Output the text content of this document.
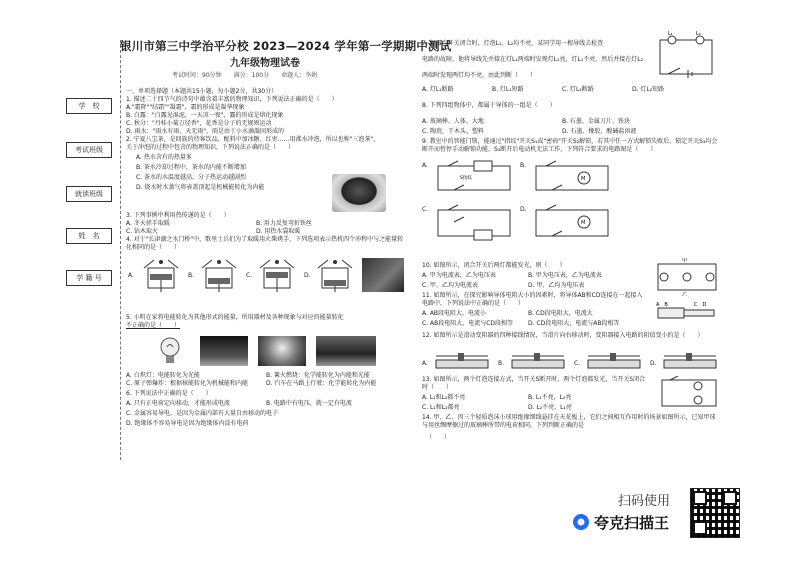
学　校
考试班级
就读班级
姓　名
学 籍 号
银川市第三中学治平分校 2023—2024 学年第一学期期中测试
九年级物理试卷
考试时间：90分钟　　满分：100分　　命题人：李娟
一、单项选择题（本题共15小题，每小题2分，共30分）
1. 描述二十四节气的诗句中蕴含着丰富的物理知识，下列说法正确的是（　　）
A."霜降""结霜""凝霜"，霜的形成是凝华现象
B. 白露："白露见湿泥，一天凉一夜"，露的形成是熔化现象
C. 秋分："丹桂小菊万径香"，花香是分子的无规则运动
D. 雨水："雨水有雨，天无雨"，雨是由于小水滴凝固形成的
2. 宁夏八宝茶，是回族的待客饮品，配料中加冰糖、红枣……用沸水冲泡，所以也称"三泡茶"，
关于冲泡的过程中包含的物理知识，下列说法正确的是（　　）
A. 热水含有的热量多
B. 茶水冷却过程中，茶水的内能不断增加
C. 茶水的水温度越高，分子热运动越剧烈
D. 烧水时水蒸气将壶盖顶起是机械能转化为内能
3. 下列事例中利用热传递的是（　　）
A. 冬天搓手取暖	B. 用力反复弯折铁丝
C. 钻木取火	D. 用热水袋取暖
4. 对于"长津湖之水门桥"中，歌里士兵们为了取暖用火柴烤手，下列选项表示热机四个冲程中与之能量转化相同的是（　　）
A.	B.	C.	D.
5. 小明在家将电能转化为其他形式的能量，所用器材及各种现象与对应的能量转化
不正确的是（　　）
A. 白炽灯：电能转化为光能	B. 篝火燃烧：化学能转化为内能和光能
C. 原子弹爆炸：根据核能转化为机械能和内能	D. 汽车在马路上行驶：化学能转化为内能
6. 下列说法中正确的是（　　）
A. 只有正电荷定向移动，才能形成电流	B. 电路中有电压，就一定有电流
C. 金属容易导电，是因为金属内部有大量自由移动的电子
D. 绝缘体不容易导电是因为绝缘体内没有电荷
7. 如图当开关闭合时，灯泡L₁、L₂均不亮，某同学用一根导线去检查
电路的故障，他将导线先并接在灯L₁两端时发现灯L₂亮，灯L₁不亮，然后并接在灯L₂
两端时发现两灯均不亮，由此判断（　　）
A. 灯L₁断路	B. 灯L₁短路	C. 灯L₂断路	D. 灯L₂短路
L₁	L₂
8. 下列四组物体中，都属于导体的一组是（　　）
A. 玻璃棒、人体、大地	B. 石墨、金属刀片、铁块
C. 陶瓷、干木头、塑料	D. 石墨、橡胶、酸碱盐溶液
9. 教室中的智能门锁，能通过"指纹"开关S₁或"密码"开关S₂解锁，若其中任一方式解锁失败后，锁定开关S₃均会断开而暂停手动解锁功能，S₃断开后电动机无法工作，下列符合要求的电路图是（　　）
A.
S指纹
B.
M
C.	D.
M
10. 如图所示，闭合开关后两灯都能发光，则（　　）
A. 甲为电流表，乙为电压表	B. 甲为电压表，乙为电流表
C. 甲、乙均为电流表	D. 甲、乙均为电压表
甲
乙
11. 如图所示，在探究影响导体电阻大小的因素时，将导体AB和CD连接在一起接入电路中，下列说法中正确的是（　　）
A. AB段电阻大，电流小	B. CD段电阻大，电流大
C. AB段电阻大，电流与CD段相等 D. CD段电阻大，电流与AB段相等
A　B	C　D
12. 如图所示是滑动变阻器的四种接线情况，当滑片向右移动时，变阻器接入电路的阻值变小的是（　　）
A.	B.	C.	D.
13. 如图所示，两个灯泡连接方式，当开关S断开时，两个灯泡都发光，当开关S闭合时（　　）
A. L₁和L₂都不亮	B. L₁不亮，L₂亮
C. L₁和L₂都亮	D. L₂不亮，L₁亮
14. 甲、乙、丙三个轻质泡沫小球用绝缘细线悬挂在天花板上，它们之间相互作用时的场景如图所示，已知甲球与用丝绸摩擦过的玻璃棒所带的电荷相同。下列判断正确的是
（　　）
扫码使用
夸克扫描王
